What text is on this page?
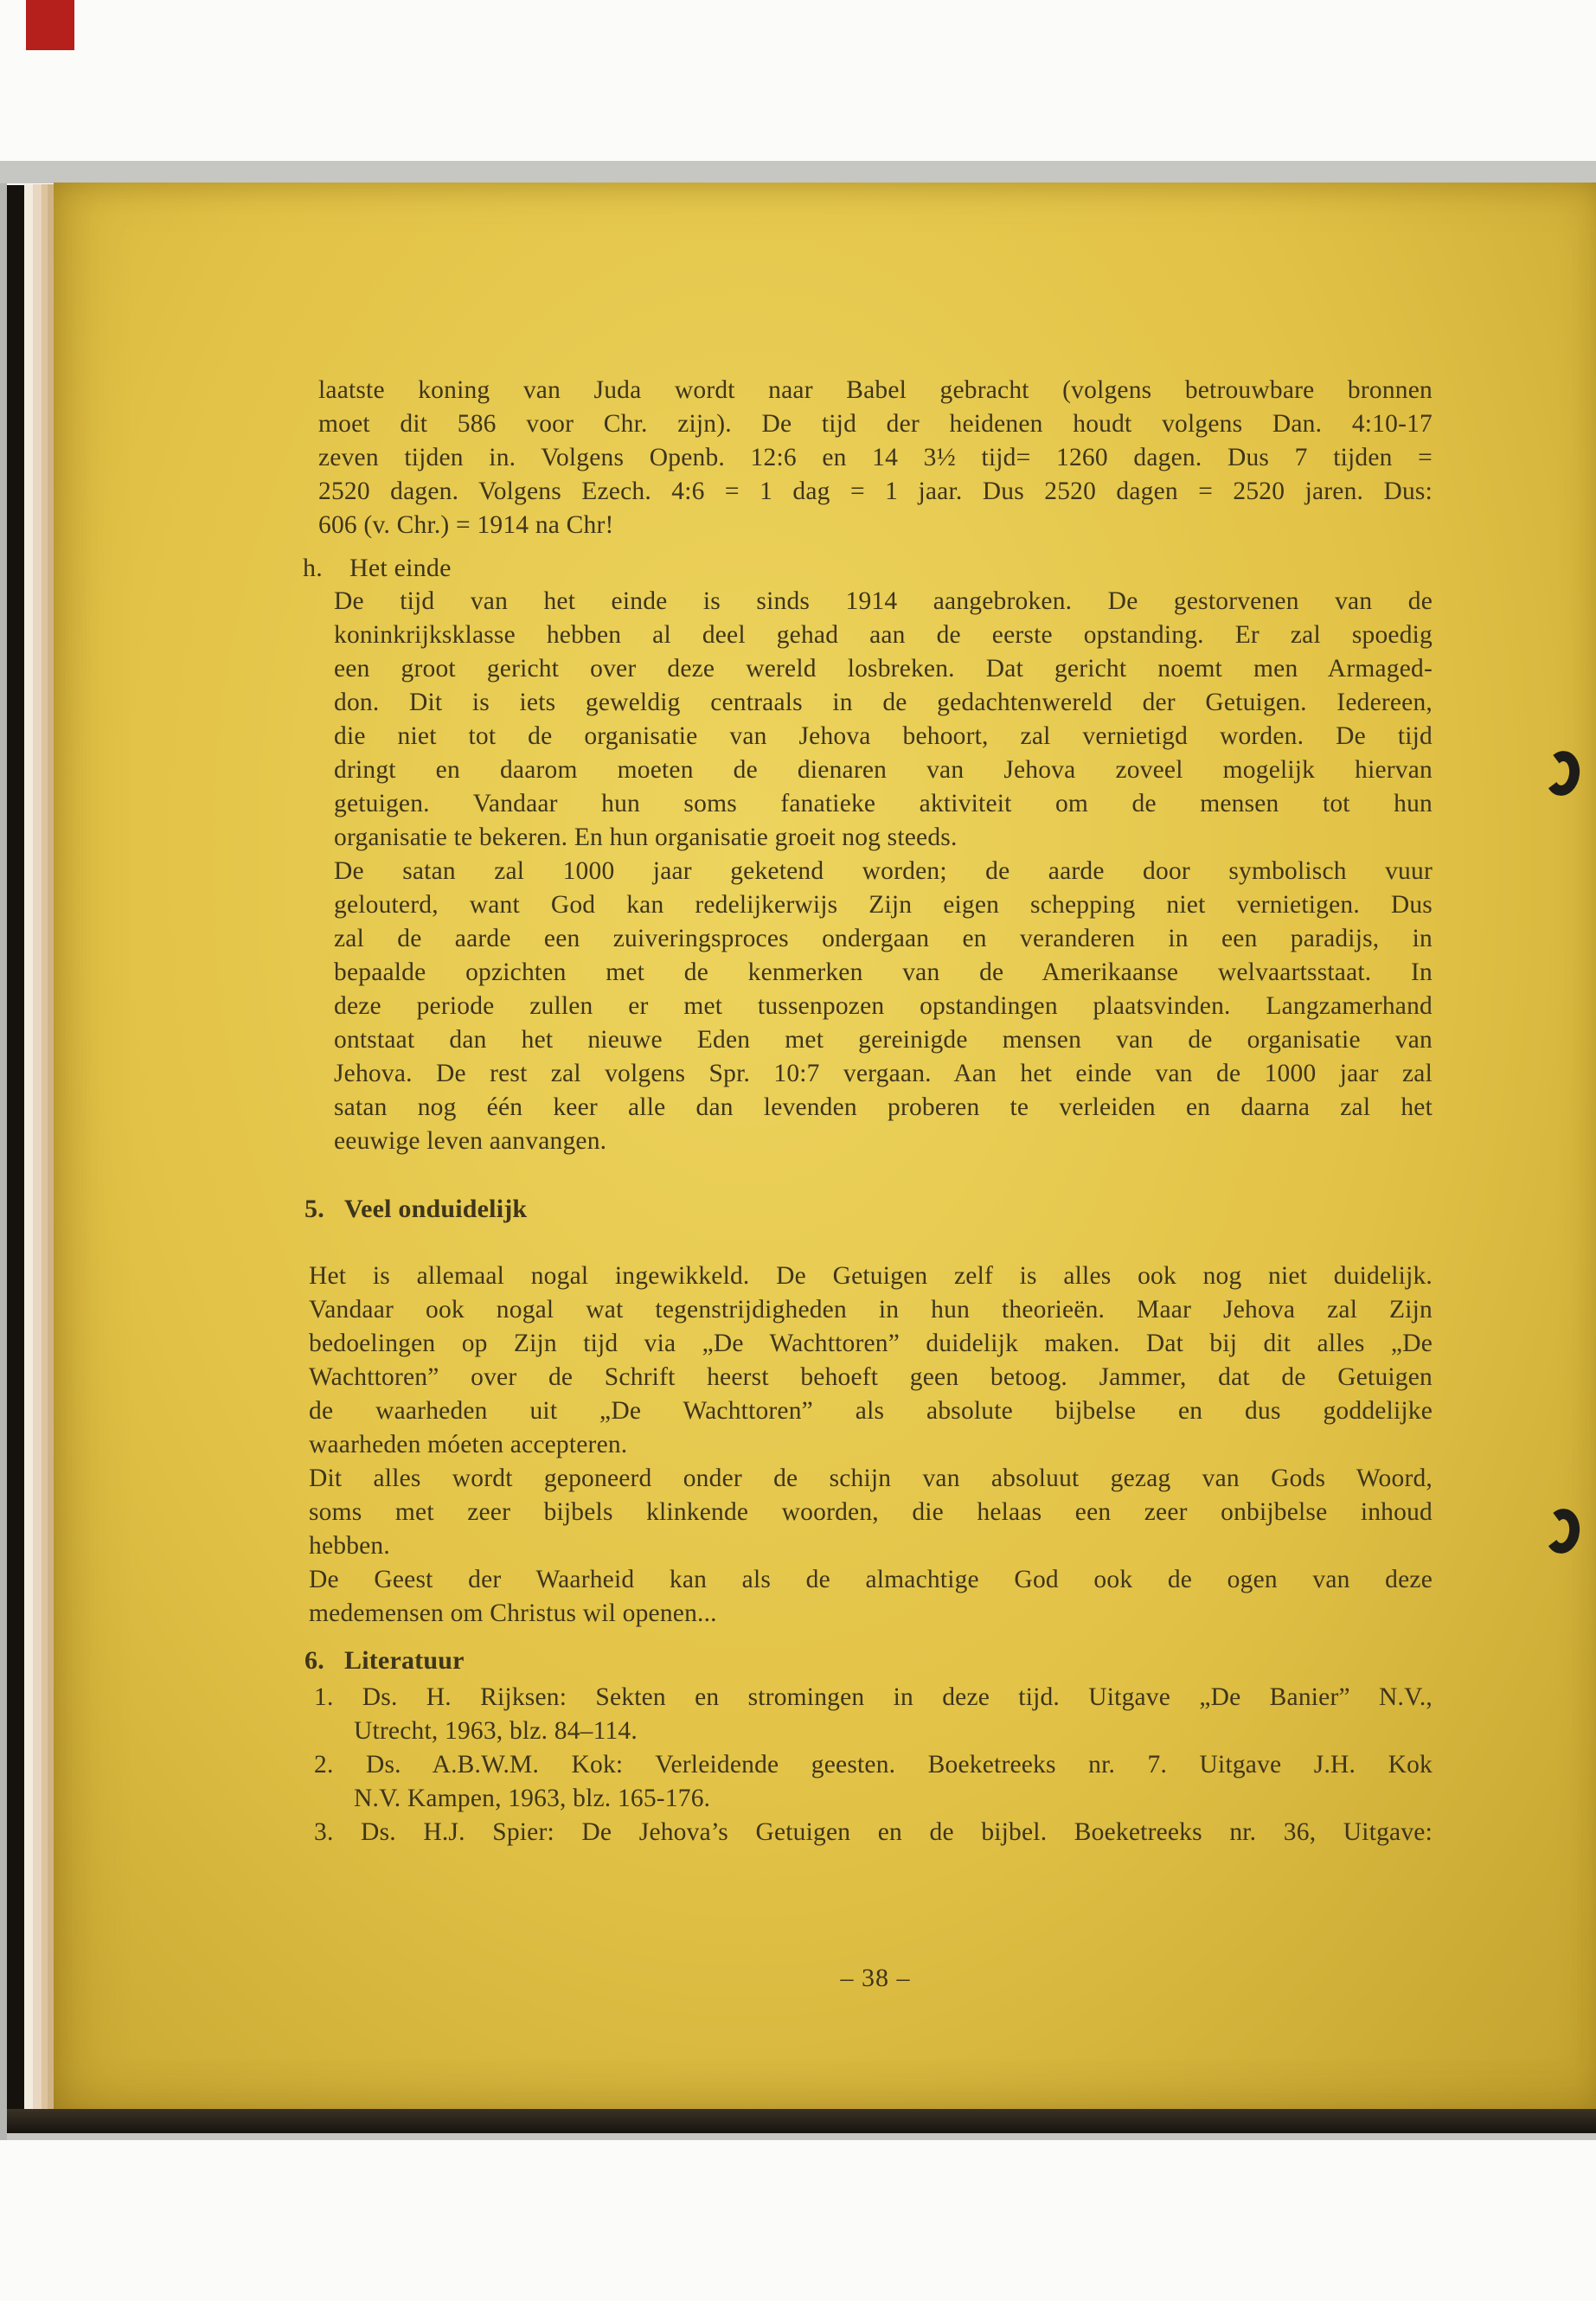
laatste koning van Juda wordt naar Babel gebracht (volgens betrouwbare bronnen
moet dit 586 voor Chr. zijn). De tijd der heidenen houdt volgens Dan. 4:10-17
zeven tijden in. Volgens Openb. 12:6 en 14 3½ tijd= 1260 dagen. Dus 7 tijden =
2520 dagen. Volgens Ezech. 4:6 = 1 dag = 1 jaar. Dus 2520 dagen = 2520 jaren. Dus:
606 (v. Chr.) = 1914 na Chr!
h. Het einde
De tijd van het einde is sinds 1914 aangebroken. De gestorvenen van de
koninkrijksklasse hebben al deel gehad aan de eerste opstanding. Er zal spoedig
een groot gericht over deze wereld losbreken. Dat gericht noemt men Armaged-
don. Dit is iets geweldig centraals in de gedachtenwereld der Getuigen. Iedereen,
die niet tot de organisatie van Jehova behoort, zal vernietigd worden. De tijd
dringt en daarom moeten de dienaren van Jehova zoveel mogelijk hiervan
getuigen. Vandaar hun soms fanatieke aktiviteit om de mensen tot hun
organisatie te bekeren. En hun organisatie groeit nog steeds.
De satan zal 1000 jaar geketend worden; de aarde door symbolisch vuur
gelouterd, want God kan redelijkerwijs Zijn eigen schepping niet vernietigen. Dus
zal de aarde een zuiveringsproces ondergaan en veranderen in een paradijs, in
bepaalde opzichten met de kenmerken van de Amerikaanse welvaartsstaat. In
deze periode zullen er met tussenpozen opstandingen plaatsvinden. Langzamerhand
ontstaat dan het nieuwe Eden met gereinigde mensen van de organisatie van
Jehova. De rest zal volgens Spr. 10:7 vergaan. Aan het einde van de 1000 jaar zal
satan nog één keer alle dan levenden proberen te verleiden en daarna zal het
eeuwige leven aanvangen.
5. Veel onduidelijk
Het is allemaal nogal ingewikkeld. De Getuigen zelf is alles ook nog niet duidelijk.
Vandaar ook nogal wat tegenstrijdigheden in hun theorieën. Maar Jehova zal Zijn
bedoelingen op Zijn tijd via „De Wachttoren” duidelijk maken. Dat bij dit alles „De
Wachttoren” over de Schrift heerst behoeft geen betoog. Jammer, dat de Getuigen
de waarheden uit „De Wachttoren” als absolute bijbelse en dus goddelijke
waarheden móeten accepteren.
Dit alles wordt geponeerd onder de schijn van absoluut gezag van Gods Woord,
soms met zeer bijbels klinkende woorden, die helaas een zeer onbijbelse inhoud
hebben.
De Geest der Waarheid kan als de almachtige God ook de ogen van deze
medemensen om Christus wil openen...
6. Literatuur
1. Ds. H. Rijksen: Sekten en stromingen in deze tijd. Uitgave „De Banier” N.V.,
Utrecht, 1963, blz. 84–114.
2. Ds. A.B.W.M. Kok: Verleidende geesten. Boeketreeks nr. 7. Uitgave J.H. Kok
N.V. Kampen, 1963, blz. 165-176.
3. Ds. H.J. Spier: De Jehova’s Getuigen en de bijbel. Boeketreeks nr. 36, Uitgave:
– 38 –
